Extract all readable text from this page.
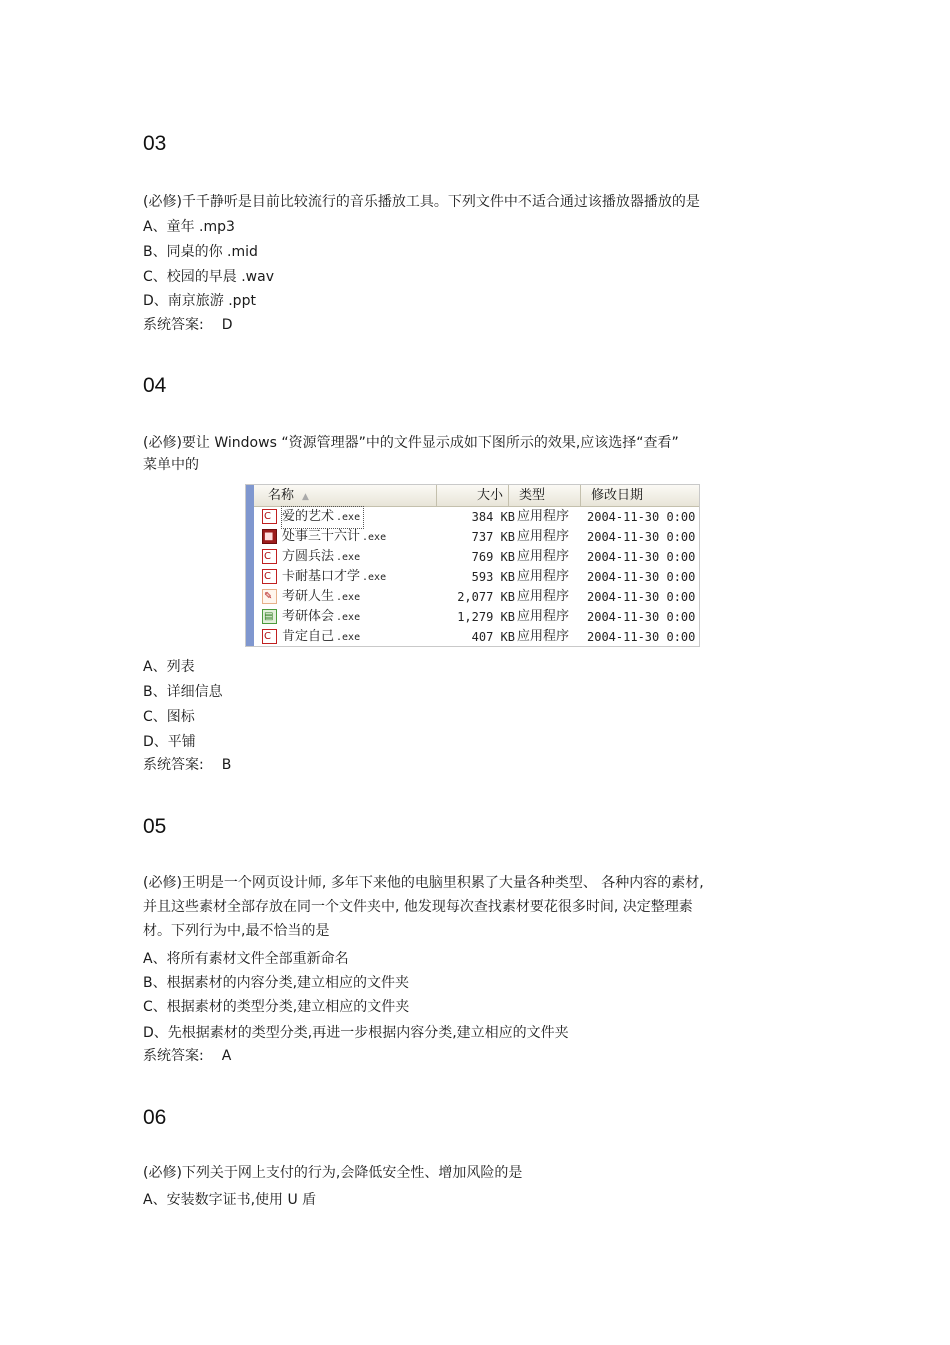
03
(必修)千千静听是目前比较流行的音乐播放工具。下列文件中不适合通过该播放器播放的是
A、童年 .mp3
B、同桌的你 .mid
C、校园的早晨 .wav
D、南京旅游 .ppt
系统答案: D
04
(必修)要让 Windows “资源管理器”中的文件显示成如下图所示的效果,应该选择“查看”
菜单中的
名称 ▲	大小	类型	修改日期
C 爱的艺术 .exe	384 KB 应用程序 2004-11-30 0:00
■ 处事三十六计 .exe	737 KB 应用程序 2004-11-30 0:00
C 方圆兵法 .exe	769 KB 应用程序 2004-11-30 0:00
C 卡耐基口才学 .exe	593 KB 应用程序 2004-11-30 0:00
✎ 考研人生 .exe	2,077 KB 应用程序 2004-11-30 0:00
▤ 考研体会 .exe	1,279 KB 应用程序 2004-11-30 0:00
C 肯定自己 .exe	407 KB 应用程序 2004-11-30 0:00
A、列表
B、详细信息
C、图标
D、平铺
系统答案: B
05
(必修)王明是一个网页设计师, 多年下来他的电脑里积累了大量各种类型、 各种内容的素材,
并且这些素材全部存放在同一个文件夹中, 他发现每次查找素材要花很多时间, 决定整理素
材。下列行为中,最不恰当的是
A、将所有素材文件全部重新命名
B、根据素材的内容分类,建立相应的文件夹
C、根据素材的类型分类,建立相应的文件夹
D、先根据素材的类型分类,再进一步根据内容分类,建立相应的文件夹
系统答案: A
06
(必修)下列关于网上支付的行为,会降低安全性、增加风险的是
A、安装数字证书,使用 U 盾
